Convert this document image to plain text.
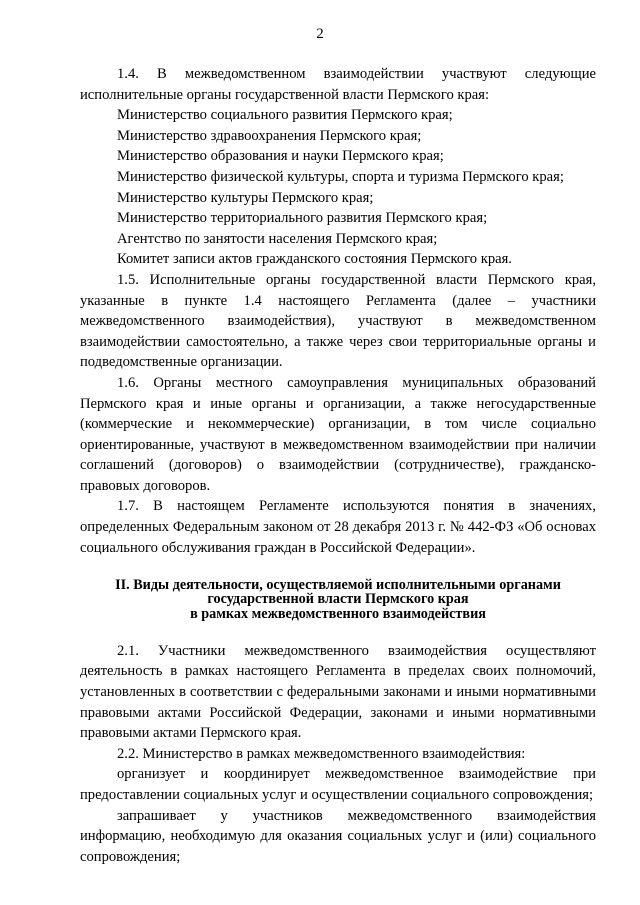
2

1.4. В межведомственном взаимодействии участвуют следующие исполнительные органы государственной власти Пермского края:

Министерство социального развития Пермского края;

Министерство здравоохранения Пермского края;

Министерство образования и науки Пермского края;

Министерство физической культуры, спорта и туризма Пермского края;

Министерство культуры Пермского края;

Министерство территориального развития Пермского края;

Агентство по занятости населения Пермского края;

Комитет записи актов гражданского состояния Пермского края.

1.5. Исполнительные органы государственной власти Пермского края, указанные в пункте 1.4 настоящего Регламента (далее – участники межведомственного взаимодействия), участвуют в межведомственном взаимодействии самостоятельно, а также через свои территориальные органы и подведомственные организации.

1.6. Органы местного самоуправления муниципальных образований Пермского края и иные органы и организации, а также негосударственные (коммерческие и некоммерческие) организации, в том числе социально ориентированные, участвуют в межведомственном взаимодействии при наличии соглашений (договоров) о взаимодействии (сотрудничестве), гражданско-правовых договоров.

1.7. В настоящем Регламенте используются понятия в значениях, определенных Федеральным законом от 28 декабря 2013 г. № 442-ФЗ «Об основах социального обслуживания граждан в Российской Федерации».

II. Виды деятельности, осуществляемой исполнительными органами
государственной власти Пермского края
в рамках межведомственного взаимодействия

2.1. Участники межведомственного взаимодействия осуществляют деятельность в рамках настоящего Регламента в пределах своих полномочий, установленных в соответствии с федеральными законами и иными нормативными правовыми актами Российской Федерации, законами и иными нормативными правовыми актами Пермского края.

2.2. Министерство в рамках межведомственного взаимодействия:

организует и координирует межведомственное взаимодействие при предоставлении социальных услуг и осуществлении социального сопровождения;

запрашивает у участников межведомственного взаимодействия информацию, необходимую для оказания социальных услуг и (или) социального сопровождения;
